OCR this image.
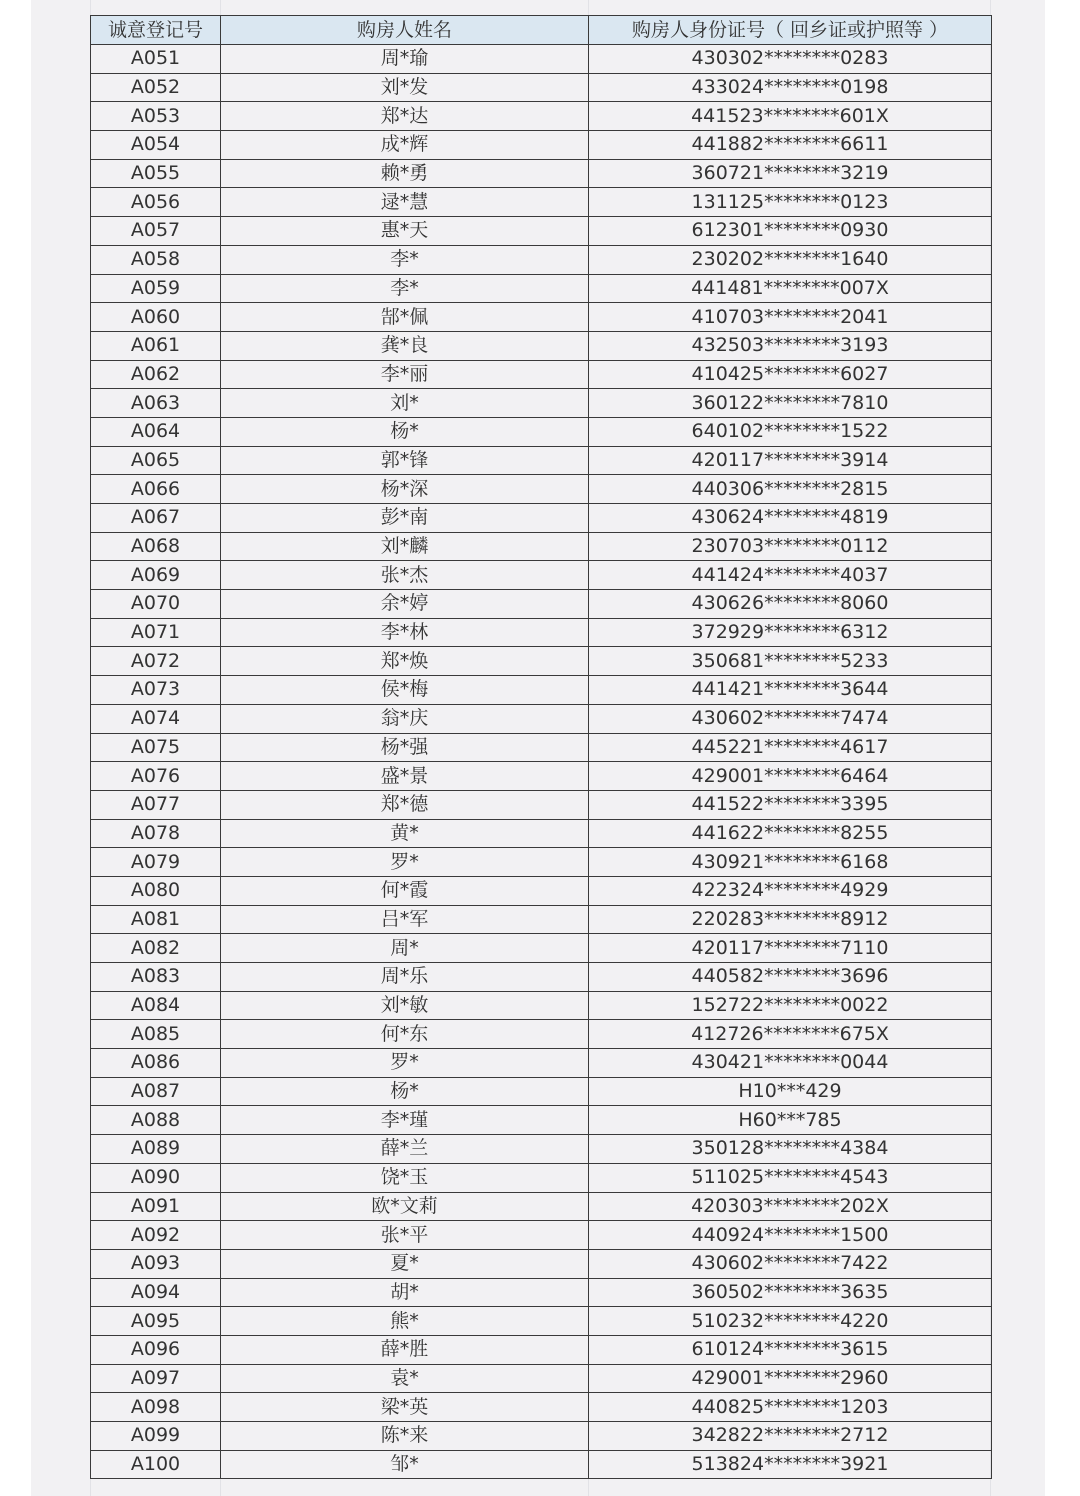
诚意登记号	购房人姓名	购房人身份证号（ 回乡证或护照等 ）
A051	周*瑜	430302********0283
A052	刘*发	433024********0198
A053	郑*达	441523********601X
A054	成*辉	441882********6611
A055	赖*勇	360721********3219
A056	逯*慧	131125********0123
A057	惠*天	612301********0930
A058	李*	230202********1640
A059	李*	441481********007X
A060	郜*佩	410703********2041
A061	龚*良	432503********3193
A062	李*丽	410425********6027
A063	刘*	360122********7810
A064	杨*	640102********1522
A065	郭*锋	420117********3914
A066	杨*深	440306********2815
A067	彭*南	430624********4819
A068	刘*麟	230703********0112
A069	张*杰	441424********4037
A070	余*婷	430626********8060
A071	李*林	372929********6312
A072	郑*焕	350681********5233
A073	侯*梅	441421********3644
A074	翁*庆	430602********7474
A075	杨*强	445221********4617
A076	盛*景	429001********6464
A077	郑*德	441522********3395
A078	黄*	441622********8255
A079	罗*	430921********6168
A080	何*霞	422324********4929
A081	吕*军	220283********8912
A082	周*	420117********7110
A083	周*乐	440582********3696
A084	刘*敏	152722********0022
A085	何*东	412726********675X
A086	罗*	430421********0044
A087	杨*	H10***429
A088	李*瑾	H60***785
A089	薛*兰	350128********4384
A090	饶*玉	511025********4543
A091	欧*文莉	420303********202X
A092	张*平	440924********1500
A093	夏*	430602********7422
A094	胡*	360502********3635
A095	熊*	510232********4220
A096	薛*胜	610124********3615
A097	袁*	429001********2960
A098	梁*英	440825********1203
A099	陈*来	342822********2712
A100	邹*	513824********3921
